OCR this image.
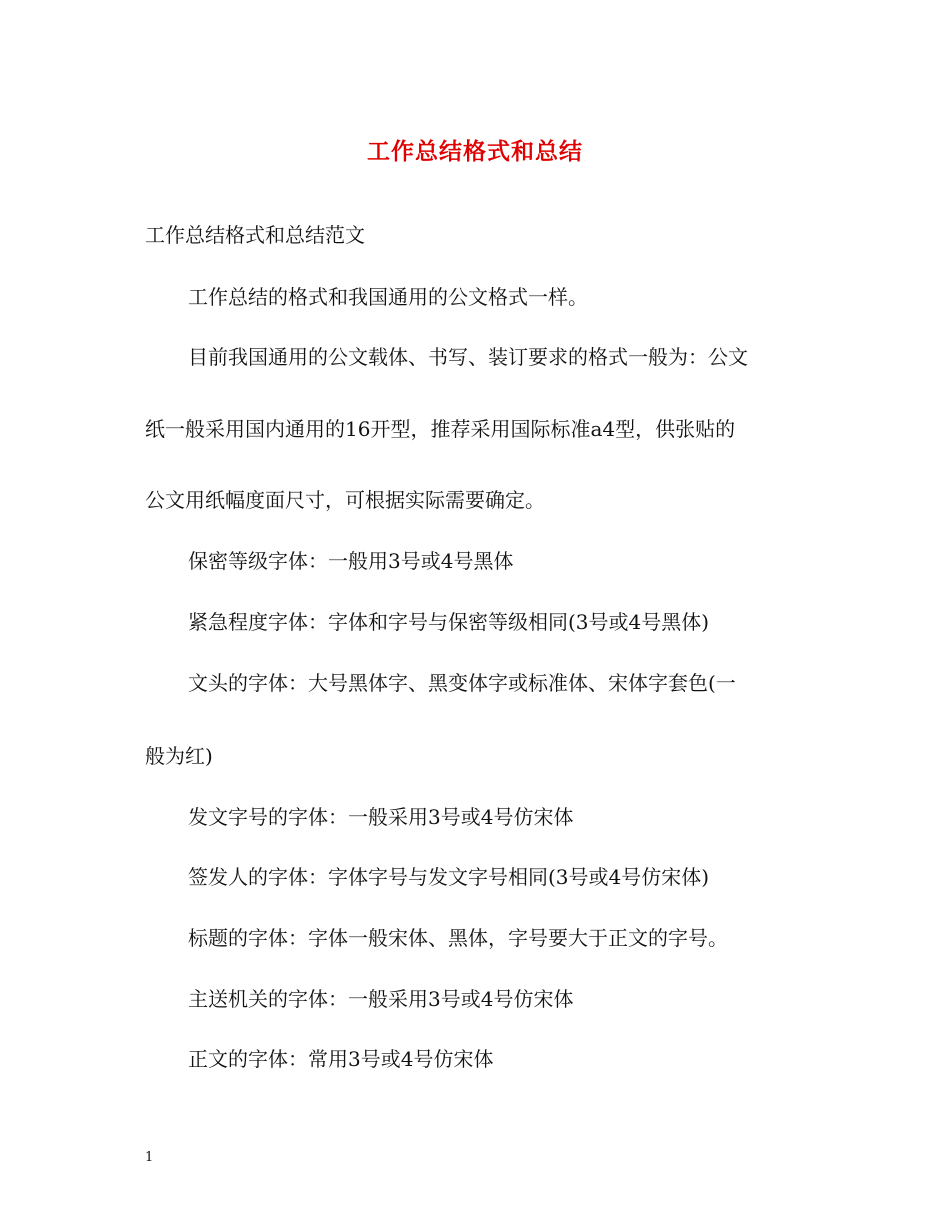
工作总结格式和总结
工作总结格式和总结范文
工作总结的格式和我国通用的公文格式一样。
目前我国通用的公文载体、书写、装订要求的格式一般为：公文
纸一般采用国内通用的16开型，推荐采用国际标准a4型，供张贴的
公文用纸幅度面尺寸，可根据实际需要确定。
保密等级字体：一般用3号或4号黑体
紧急程度字体：字体和字号与保密等级相同(3号或4号黑体)
文头的字体：大号黑体字、黑变体字或标准体、宋体字套色(一
般为红)
发文字号的字体：一般采用3号或4号仿宋体
签发人的字体：字体字号与发文字号相同(3号或4号仿宋体)
标题的字体：字体一般宋体、黑体，字号要大于正文的字号。
主送机关的字体：一般采用3号或4号仿宋体
正文的字体：常用3号或4号仿宋体
1
